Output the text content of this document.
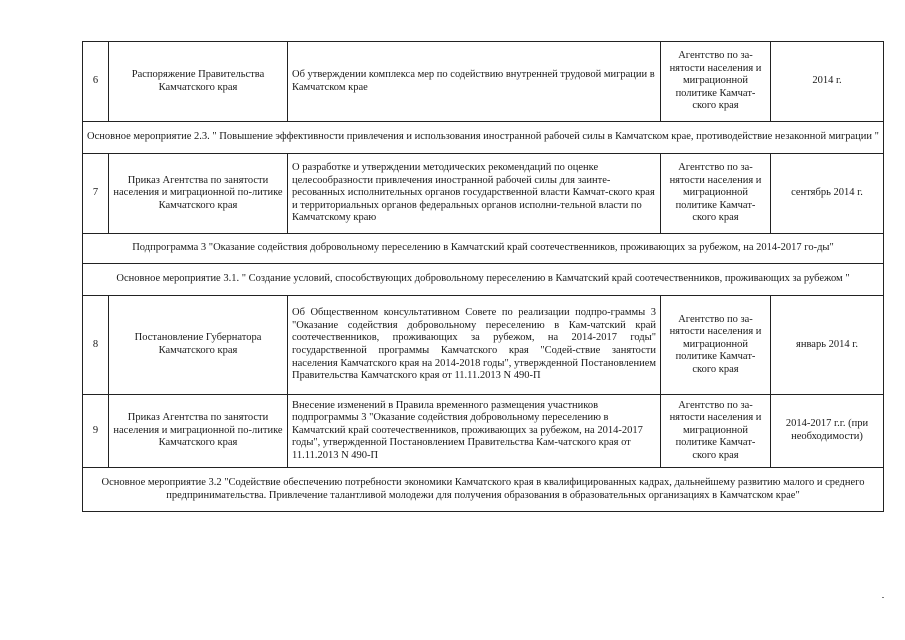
6	Распоряжение Правительства Камчатского края	Об утверждении комплекса мер по содействию внутренней трудовой миграции в Камчатском крае	Агентство по за-нятости населения и миграционной политике Камчат-ского края	2014 г.
Основное мероприятие 2.3. " Повышение эффективности привлечения и использования иностранной рабочей силы в Камчатском крае, противодействие незаконной миграции "				
7	Приказ Агентства по занятости населения и миграционной по-литике Камчатского края	О разработке и утверждении методических рекомендаций по оценке целесообразности привлечения иностранной рабочей силы для заинте-ресованных исполнительных органов государственной власти Камчат-ского края и территориальных органов федеральных органов исполни-тельной власти по Камчатскому краю	Агентство по за-нятости населения и миграционной политике Камчат-ского края	сентябрь 2014 г.
Подпрограмма 3 "Оказание содействия добровольному переселению в Камчатский край соотечественников, проживающих за рубежом, на 2014-2017 го-ды"				
Основное мероприятие 3.1. " Создание условий, способствующих добровольному переселению в Камчатский край соотечественников, проживающих за рубежом "				
8	Постановление Губернатора Камчатского края	Об Общественном консультативном Совете по реализации подпро-граммы 3 "Оказание содействия добровольному переселению в Кам-чатский край соотечественников, проживающих за рубежом, на 2014-2017 годы" государственной программы Камчатского края "Содей-ствие занятости населения Камчатского края на 2014-2018 годы", утвержденной Постановлением Правительства Камчатского края от 11.11.2013 N 490-П	Агентство по за-нятости населения и миграционной политике Камчат-ского края	январь 2014 г.
9	Приказ Агентства по занятости населения и миграционной по-литике Камчатского края	Внесение изменений в Правила временного размещения участников подпрограммы 3 "Оказание содействия добровольному переселению в Камчатский край соотечественников, проживающих за рубежом, на 2014-2017 годы", утвержденной Постановлением Правительства Кам-чатского края от 11.11.2013 N 490-П	Агентство по за-нятости населения и миграционной политике Камчат-ского края	2014-2017 г.г. (при необходимости)
Основное мероприятие 3.2 "Содействие обеспечению потребности экономики Камчатского края в квалифицированных кадрах, дальнейшему развитию малого и среднего предпринимательства. Привлечение талантливой молодежи для получения образования в образовательных организациях в Камчатском крае"				
